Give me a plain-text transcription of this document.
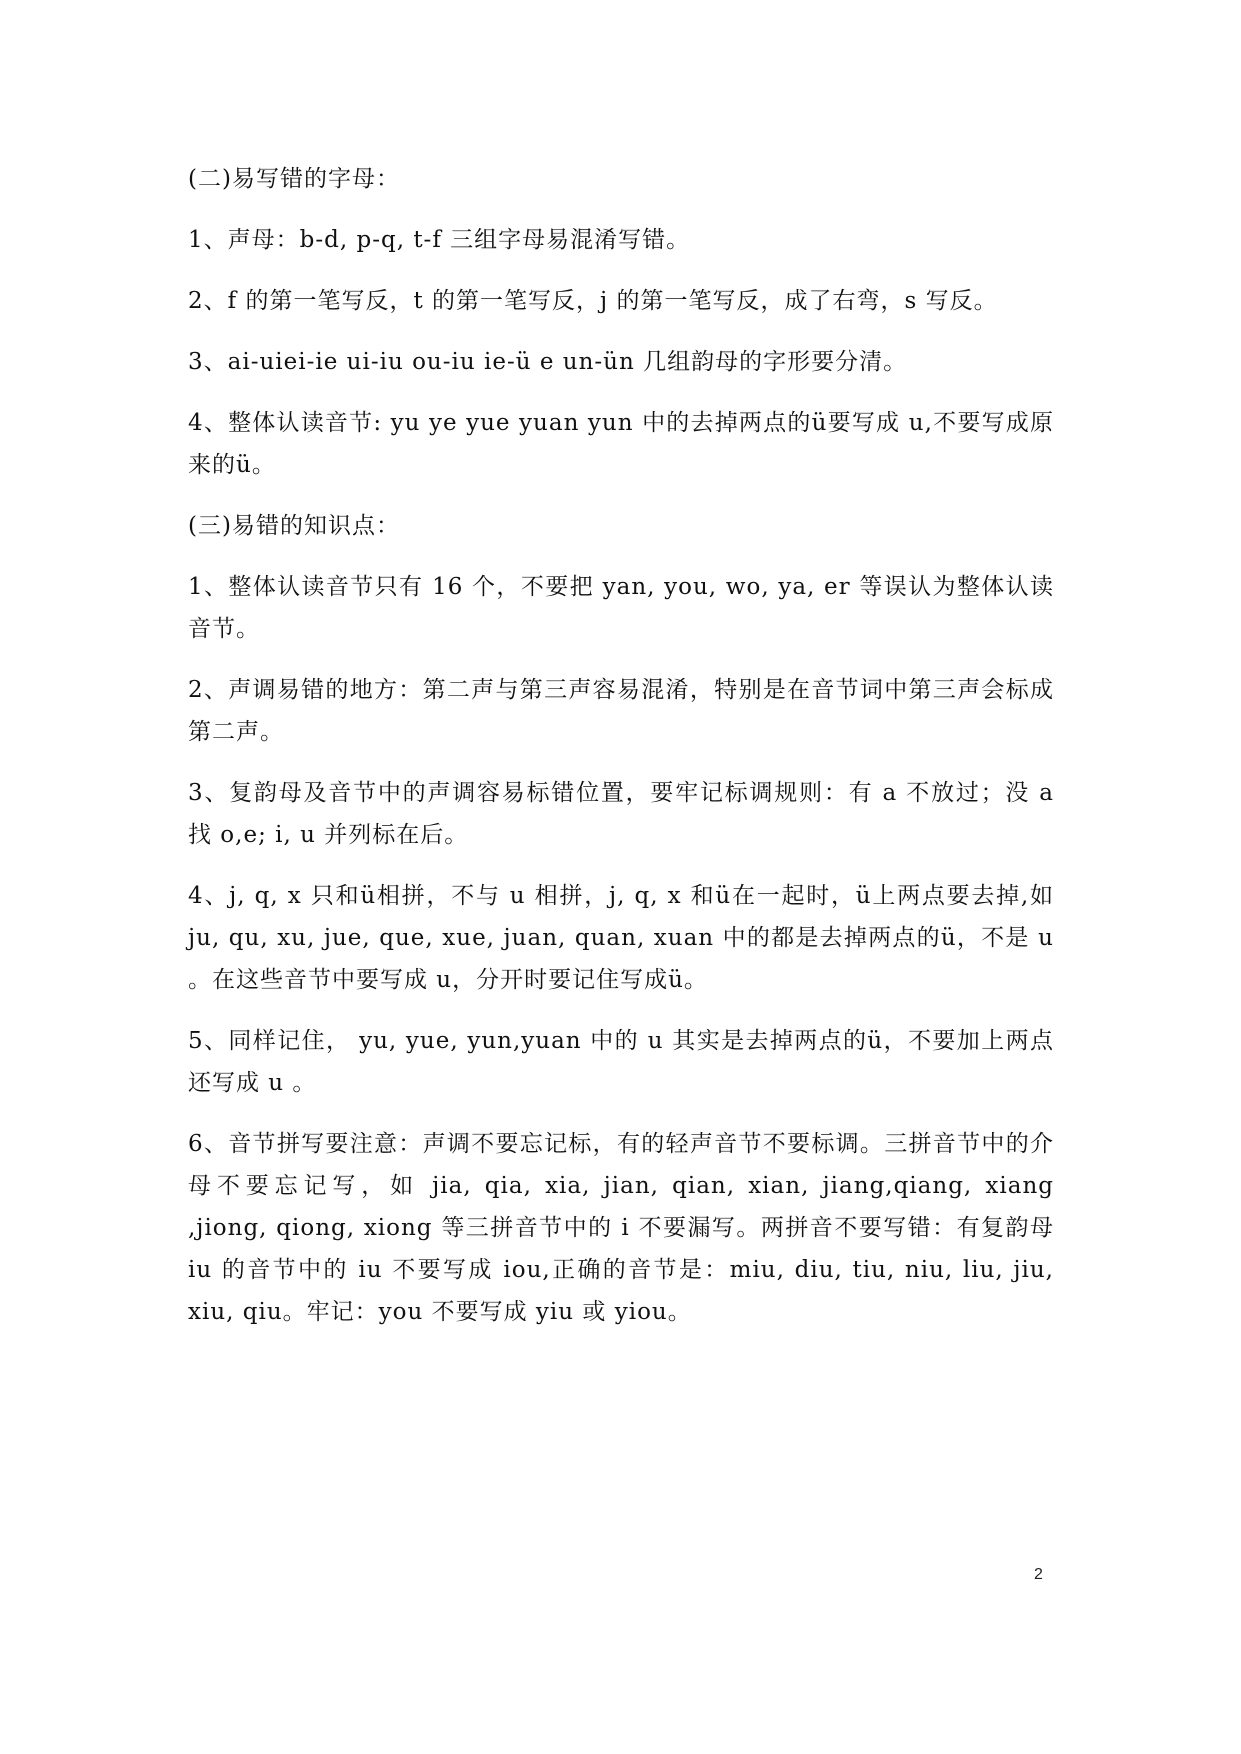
(二)易写错的字母：

1、声母：b-d, p-q, t-f 三组字母易混淆写错。

2、f 的第一笔写反，t 的第一笔写反，j 的第一笔写反，成了右弯，s 写反。

3、ai-uiei-ie ui-iu ou-iu ie-ü e un-ün 几组韵母的字形要分清。

4、整体认读音节: yu ye yue yuan yun 中的去掉两点的ü要写成 u,不要写成原来的ü。

(三)易错的知识点：

1、整体认读音节只有 16 个，不要把 yan, you, wo, ya, er 等误认为整体认读音节。

2、声调易错的地方：第二声与第三声容易混淆，特别是在音节词中第三声会标成第二声。

3、复韵母及音节中的声调容易标错位置，要牢记标调规则：有 a 不放过；没 a 找 o,e; i, u 并列标在后。

4、j, q, x 只和ü相拼，不与 u 相拼，j, q, x 和ü在一起时，ü上两点要去掉,如 ju, qu, xu, jue, que, xue, juan, quan, xuan 中的都是去掉两点的ü，不是 u 。在这些音节中要写成 u，分开时要记住写成ü。

5、同样记住， yu, yue, yun,yuan 中的 u 其实是去掉两点的ü，不要加上两点还写成 u 。

6、音节拼写要注意：声调不要忘记标，有的轻声音节不要标调。三拼音节中的介母不要忘记写，如 jia, qia, xia, jian, qian, xian, jiang,qiang, xiang ,jiong, qiong, xiong 等三拼音节中的 i 不要漏写。两拼音不要写错：有复韵母 iu 的音节中的 iu 不要写成 iou,正确的音节是：miu, diu, tiu, niu, liu, jiu, xiu, qiu。牢记：you 不要写成 yiu 或 yiou。

2
